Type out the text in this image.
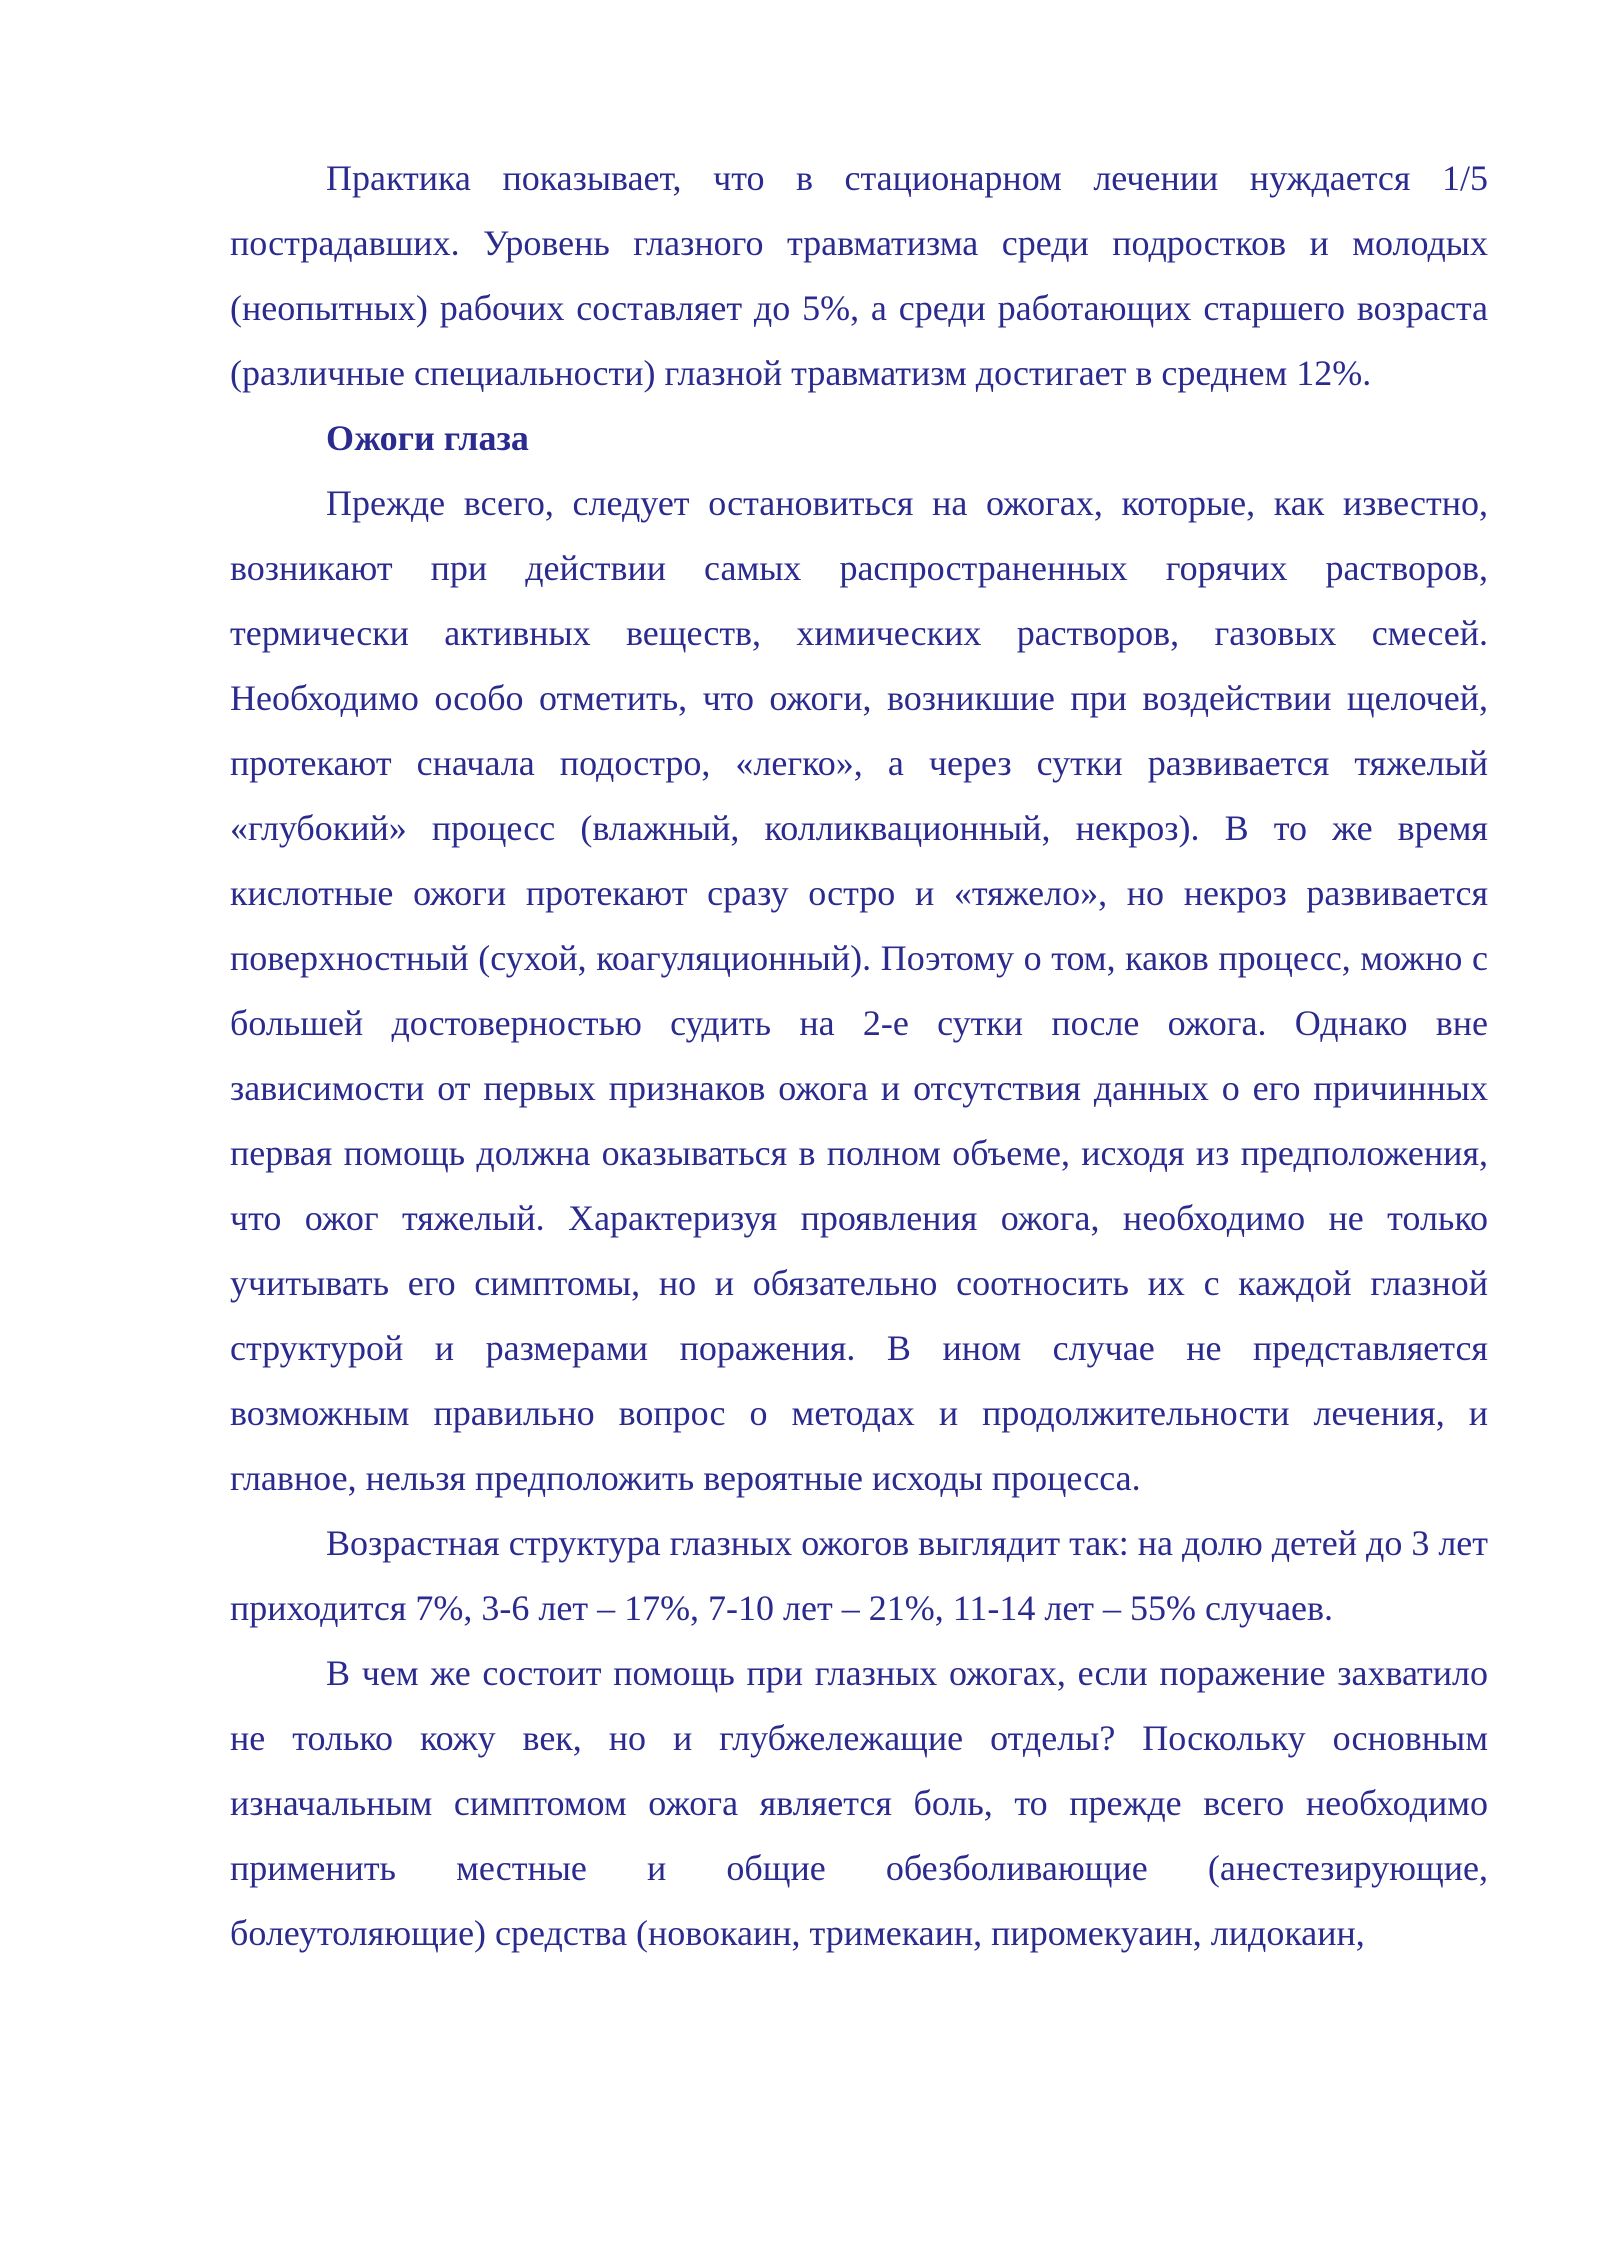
Практика показывает, что в стационарном лечении нуждается 1/5 пострадавших. Уровень глазного травматизма среди подростков и молодых (неопытных) рабочих составляет до 5%, а среди работающих старшего возраста (различные специальности) глазной травматизм достигает в среднем 12%.

Ожоги глаза

Прежде всего, следует остановиться на ожогах, которые, как известно, возникают при действии самых распространенных горячих растворов, термически активных веществ, химических растворов, газовых смесей. Необходимо особо отметить, что ожоги, возникшие при воздействии щелочей, протекают сначала подостро, «легко», а через сутки развивается тяжелый «глубокий» процесс (влажный, колликвационный, некроз). В то же время кислотные ожоги протекают сразу остро и «тяжело», но некроз развивается поверхностный (сухой, коагуляционный). Поэтому о том, каков процесс, можно с большей достоверностью судить на 2-е сутки после ожога. Однако вне зависимости от первых признаков ожога и отсутствия данных о его причинных первая помощь должна оказываться в полном объеме, исходя из предположения, что ожог тяжелый. Характеризуя проявления ожога, необходимо не только учитывать его симптомы, но и обязательно соотносить их с каждой глазной структурой и размерами поражения. В ином случае не представляется возможным правильно вопрос о методах и продолжительности лечения, и главное, нельзя предположить вероятные исходы процесса.

Возрастная структура глазных ожогов выглядит так: на долю детей до 3 лет приходится 7%, 3-6 лет – 17%, 7-10 лет – 21%, 11-14 лет – 55% случаев.

В чем же состоит помощь при глазных ожогах, если поражение захватило не только кожу век, но и глубжележащие отделы? Поскольку основным изначальным симптомом ожога является боль, то прежде всего необходимо применить местные и общие обезболивающие (анестезирующие, болеутоляющие) средства (новокаин, тримекаин, пиромекуаин, лидокаин,
